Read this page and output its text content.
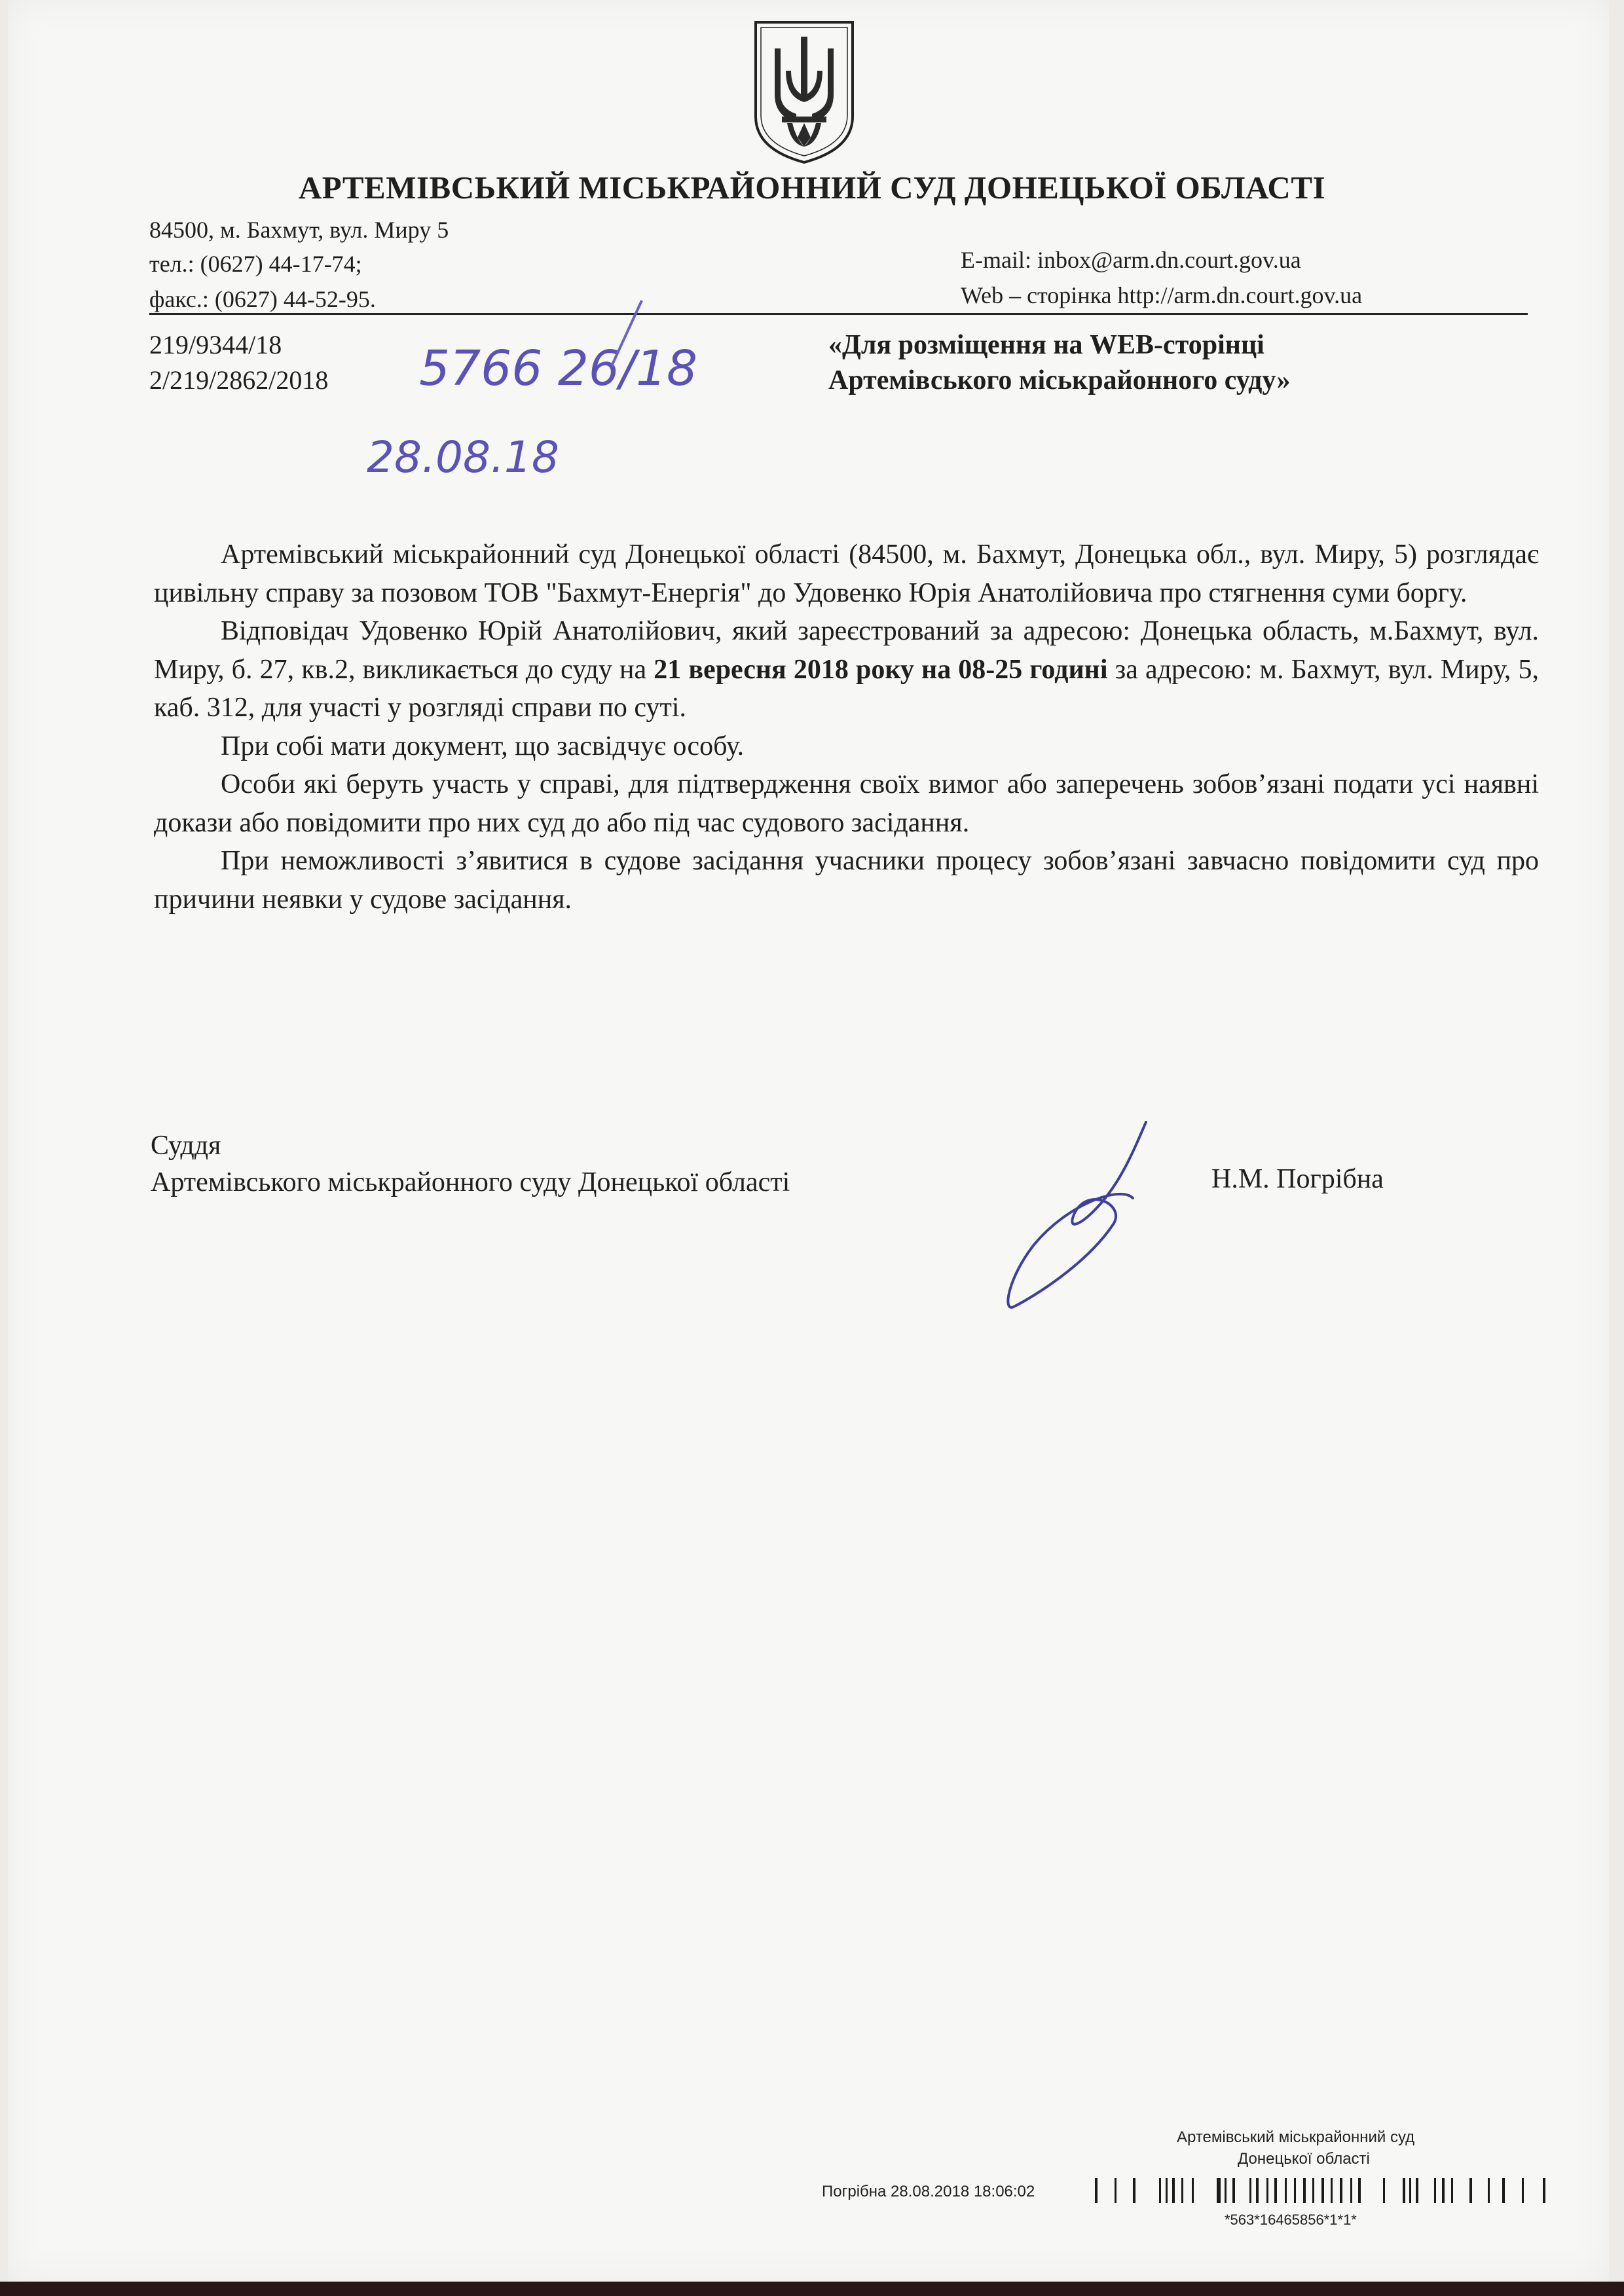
АРТЕМІВСЬКИЙ МІСЬКРАЙОННИЙ СУД ДОНЕЦЬКОЇ ОБЛАСТІ
84500, м. Бахмут, вул. Миру 5
тел.: (0627) 44-17-74;
факс.: (0627) 44-52-95.
E-mail: inbox@arm.dn.court.gov.ua
Web – сторінка http://arm.dn.court.gov.ua
219/9344/18
2/219/2862/2018 5766 26/18
28.08.18
«Для розміщення на WEB-сторінці
Артемівського міськрайонного суду»

Артемівський міськрайонний суд Донецької області (84500, м. Бахмут, Донецька обл., вул. Миру, 5) розглядає цивільну справу за позовом ТОВ "Бахмут-Енергія" до Удовенко Юрія Анатолійовича про стягнення суми боргу.

Відповідач Удовенко Юрій Анатолійович, який зареєстрований за адресою: Донецька область, м.Бахмут, вул. Миру, б. 27, кв.2, викликається до суду на 21 вересня 2018 року на 08-25 годині за адресою: м. Бахмут, вул. Миру, 5, каб. 312, для участі у розгляді справи по суті.

При собі мати документ, що засвідчує особу.

Особи які беруть участь у справі, для підтвердження своїх вимог або заперечень зобов’язані подати усі наявні докази або повідомити про них суд до або під час судового засідання.

При неможливості з’явитися в судове засідання учасники процесу зобов’язані завчасно повідомити суд про причини неявки у судове засідання.

Суддя
Артемівського міськрайонного суду Донецької області	Н.М. Погрібна
Артемівський міськрайонний суд
Донецької області
Погрібна 28.08.2018 18:06:02
*563*16465856*1*1*
